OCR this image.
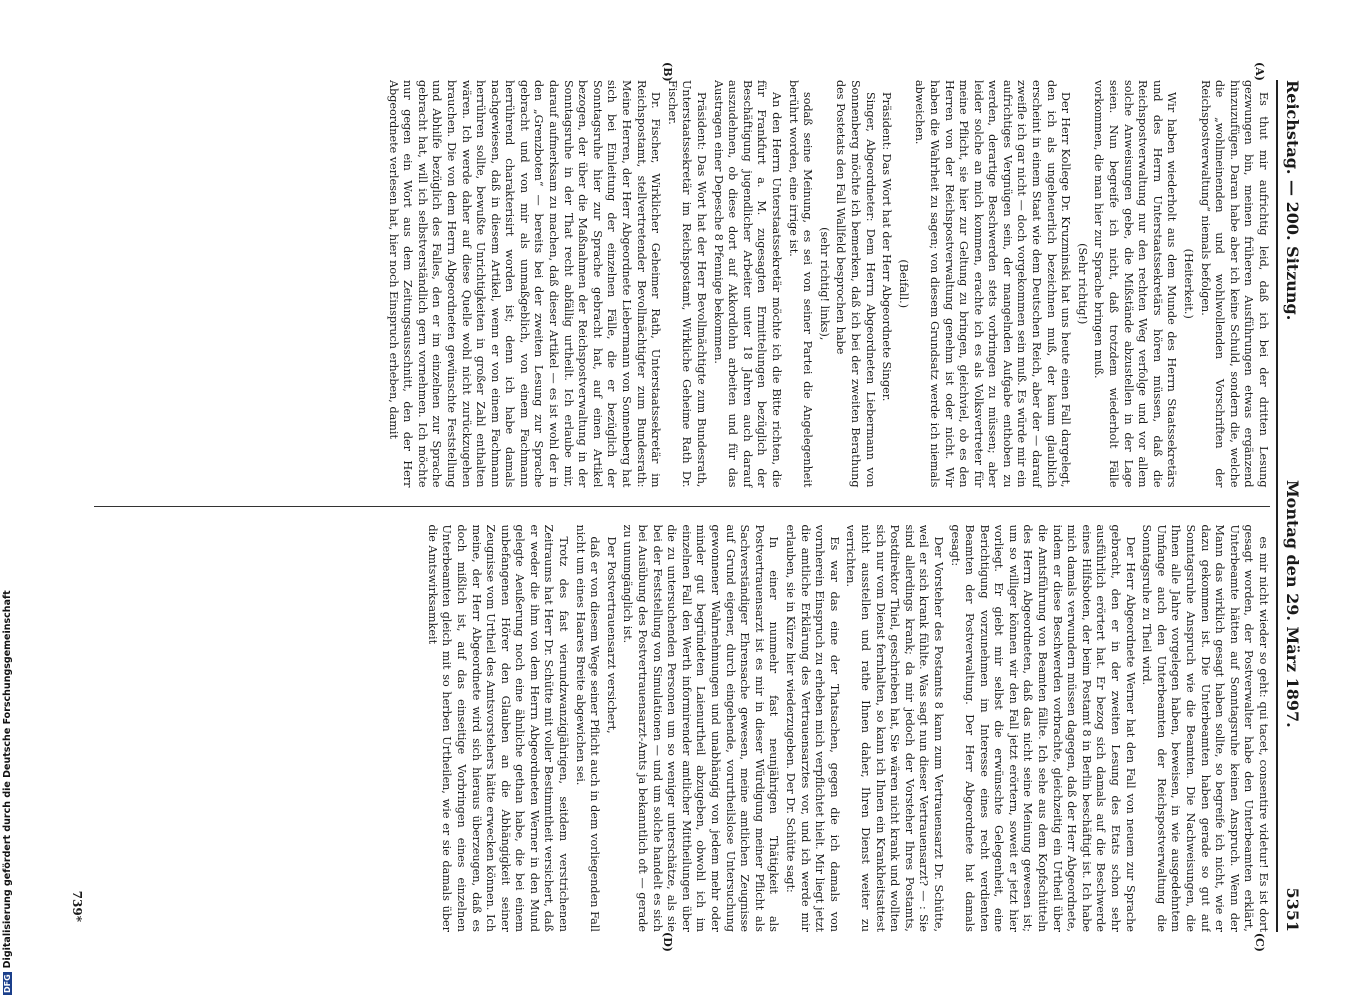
DFGDigitalisierung gefördert durch die Deutsche Forschungsgemeinschaft
Reichstag. — 200. Sitzung.
Montag den 29. März 1897.
5351

Es thut mir aufrichtig leid, daß ich bei der dritten Lesung gezwungen bin, meinen früheren Ausführungen etwas ergänzend hinzuzufügen. Daran habe aber ich keine Schuld, sondern die, welche die „wohlmeinenden und wohlwollenden Vorschriften der Reichspostverwaltung“ niemals befolgen.

(Heiterkeit.)

Wir haben wiederholt aus dem Munde des Herrn Staatssekretärs und des Herrn Unterstaatssekretärs hören müssen, daß die Reichspostverwaltung nur den rechten Weg verfolge und vor allem solche Anweisungen gebe, die Mißstände abzustellen in der Lage seien. Nun begreife ich nicht, daß trotzdem wiederholt Fälle vorkommen, die man hier zur Sprache bringen muß.

(Sehr richtig!)

Der Herr Kollege Dr. Kruzminski hat uns heute einen Fall dargelegt, den ich als ungeheuerlich bezeichnen muß, der kaum glaublich erscheint in einem Staat wie dem Deutschen Reich, aber der — darauf zweifle ich gar nicht — doch vorgekommen sein muß. Es würde mir ein aufrichtiges Vergnügen sein, der mangelnden Aufgabe enthoben zu werden, derartige Beschwerden stets vorbringen zu müssen; aber leider solche an mich kommen, erachte ich es als Volksvertreter für meine Pflicht, sie hier zur Geltung zu bringen, gleichviel, ob es den Herren von der Reichspostverwaltung genehm ist oder nicht. Wir haben die Wahrheit zu sagen; von diesem Grundsatz werde ich niemals abweichen.

(Beifall.)

Präsident: Das Wort hat der Herr Abgeordnete Singer.

Singer, Abgeordneter: Dem Herrn Abgeordneten Liebermann von Sonnenberg möchte ich bemerken, daß ich bei der zweiten Berathung des Postetats den Fall Wallfeld besprochen habe

(sehr richtig! links),

sodaß seine Meinung, es sei von seiner Partei die Angelegenheit berührt worden, eine irrige ist.

An den Herrn Unterstaatssekretär möchte ich die Bitte richten, die für Frankfurt a. M. zugesagten Ermittelungen bezüglich der Beschäftigung jugendlicher Arbeiter unter 18 Jahren auch darauf auszudehnen, ob diese dort auf Akkordlohn arbeiten und für das Austragen einer Depesche 8 Pfennige bekommen.

Präsident: Das Wort hat der Herr Bevollmächtigte zum Bundesrath, Unterstaatssekretär im Reichspostamt, Wirkliche Geheime Rath Dr. Fischer.

Dr. Fischer, Wirklicher Geheimer Rath, Unterstaatssekretär im Reichspostamt, stellvertretender Bevollmächtigter zum Bundesrath: Meine Herren, der Herr Abgeordnete Liebermann von Sonnenberg hat sich bei Einleitung der einzelnen Fälle, die er bezüglich der Sonntagsruhe hier zur Sprache gebracht hat, auf einen Artikel bezogen, der über die Maßnahmen der Reichspostverwaltung in der Sonntagsruhe in der That recht abfällig urtheilt. Ich erlaube mir, darauf aufmerksam zu machen, daß dieser Artikel — es ist wohl der in den „Grenzboten“ — bereits bei der zweiten Lesung zur Sprache gebracht und von mir als unmaßgeblich, von einem Fachmann herrührend charakterisirt worden ist; denn ich habe damals nachgewiesen, daß in diesem Artikel, wenn er von einem Fachmann herrühren sollte, bewußte Unrichtigkeiten in großer Zahl enthalten wären. Ich werde daher auf diese Quelle wohl nicht zurückzugehen brauchen. Die von dem Herrn Abgeordneten gewünschte Feststellung und Abhilfe bezüglich des Falles, den er im einzelnen zur Sprache gebracht hat, will ich selbstverständlich gern vornehmen. Ich möchte nur gegen ein Wort aus dem Zeitungsausschnitt, den der Herr Abgeordnete verlesen hat, hier noch Einspruch erheben, damit

es mir nicht wieder so geht: qui tacet, consentire videtur! Es ist dort gesagt worden, der Postverwalter habe den Unterbeamten erklärt, Unterbeamte hätten auf Sonntagsruhe keinen Anspruch. Wenn der Mann das wirklich gesagt haben sollte, so begreife ich nicht, wie er dazu gekommen ist. Die Unterbeamten haben gerade so gut auf Sonntagsruhe Anspruch wie die Beamten. Die Nachweisungen, die Ihnen alle Jahre vorgelegen haben, beweisen, in wie ausgedehntem Umfange auch den Unterbeamten der Reichspostverwaltung die Sonntagsruhe zu Theil wird.

Der Herr Abgeordnete Werner hat den Fall von neuem zur Sprache gebracht, den er in der zweiten Lesung des Etats schon sehr ausführlich erörtert hat. Er bezog sich damals auf die Beschwerde eines Hilfsboten, der beim Postamt 8 in Berlin beschäftigt ist. Ich habe mich damals verwundern müssen dagegen, daß der Herr Abgeordnete, indem er diese Beschwerden vorbrachte, gleichzeitig ein Urtheil über die Amtsführung von Beamten fällte. Ich sehe aus dem Kopfschütteln des Herrn Abgeordneten, daß das nicht seine Meinung gewesen ist; um so williger können wir den Fall jetzt erörtern, soweit er jetzt hier vorliegt. Er giebt mir selbst die erwünschte Gelegenheit, eine Berichtigung vorzunehmen im Interesse eines recht verdienten Beamten der Postverwaltung. Der Herr Abgeordnete hat damals gesagt:

Der Vorsteher des Postamts 8 kann zum Vertrauensarzt Dr. Schütte, weil er sich krank fühlte. Was sagt nun dieser Vertrauensarzt? — : Sie sind allerdings krank; da mir jedoch der Vorsteher Ihres Postamts, Postdirektor Thiel, geschrieben hat, Sie wären nicht krank und wollten sich nur vom Dienst fernhalten, so kann ich Ihnen ein Krankheitsattest nicht ausstellen und rathe Ihnen daher, Ihren Dienst weiter zu verrichten.

Es war das eine der Thatsachen, gegen die ich damals von vornherein Einspruch zu erheben mich verpflichtet hielt. Mir liegt jetzt die amtliche Erklärung des Vertrauensarztes vor, und ich werde mir erlauben, sie in Kürze hier wiederzugeben. Der Dr. Schütte sagt:

In einer nunmehr fast neunjährigen Thätigkeit als Postvertrauensarzt ist es mir in dieser Würdigung meiner Pflicht als Sachverständiger Ehrensache gewesen, meine amtlichen Zeugnisse auf Grund eigener, durch eingehende, vorurtheilslose Untersuchung gewonnener Wahrnehmungen und unabhängig von jedem mehr oder minder gut begründeten Laienurtheil abzugeben, obwohl ich im einzelnen Fall den Werth informirender amtlicher Mittheilungen über die zu untersuchenden Personen um so weniger unterschätze, als sie bei der Feststellung von Simulationen — und um solche handelt es sich bei Ausübung des Postvertrauensarzt-Amts ja bekanntlich oft — gerade zu unumgänglich ist.

Der Postvertrauensarzt versichert,

daß er von diesem Wege seiner Pflicht auch in dem vorliegenden Fall nicht um eines Haares Breite abgewichen sei.

Trotz des fast vierundzwanzigjährigen, seitdem verstrichenen Zeitraums hat Herr Dr. Schütte mit voller Bestimmtheit versichert, daß er weder die ihm von dem Herrn Abgeordneten Werner in den Mund gelegte Aeußerung noch eine ähnliche gethan habe, die bei einem unbefangenen Hörer den Glauben an die Abhängigkeit seiner Zeugnisse vom Urtheil des Amtsvorstehers hätte erwecken können. Ich meine, der Herr Abgeordnete wird sich hieraus überzeugen, daß es doch mißlich ist, auf das einseitige Vorbringen eines einzelnen Unterbeamten gleich mit so herben Urtheilen, wie er sie damals über die Amtswirksamkeit

(A)
(B)
(C)
(D)
739*
